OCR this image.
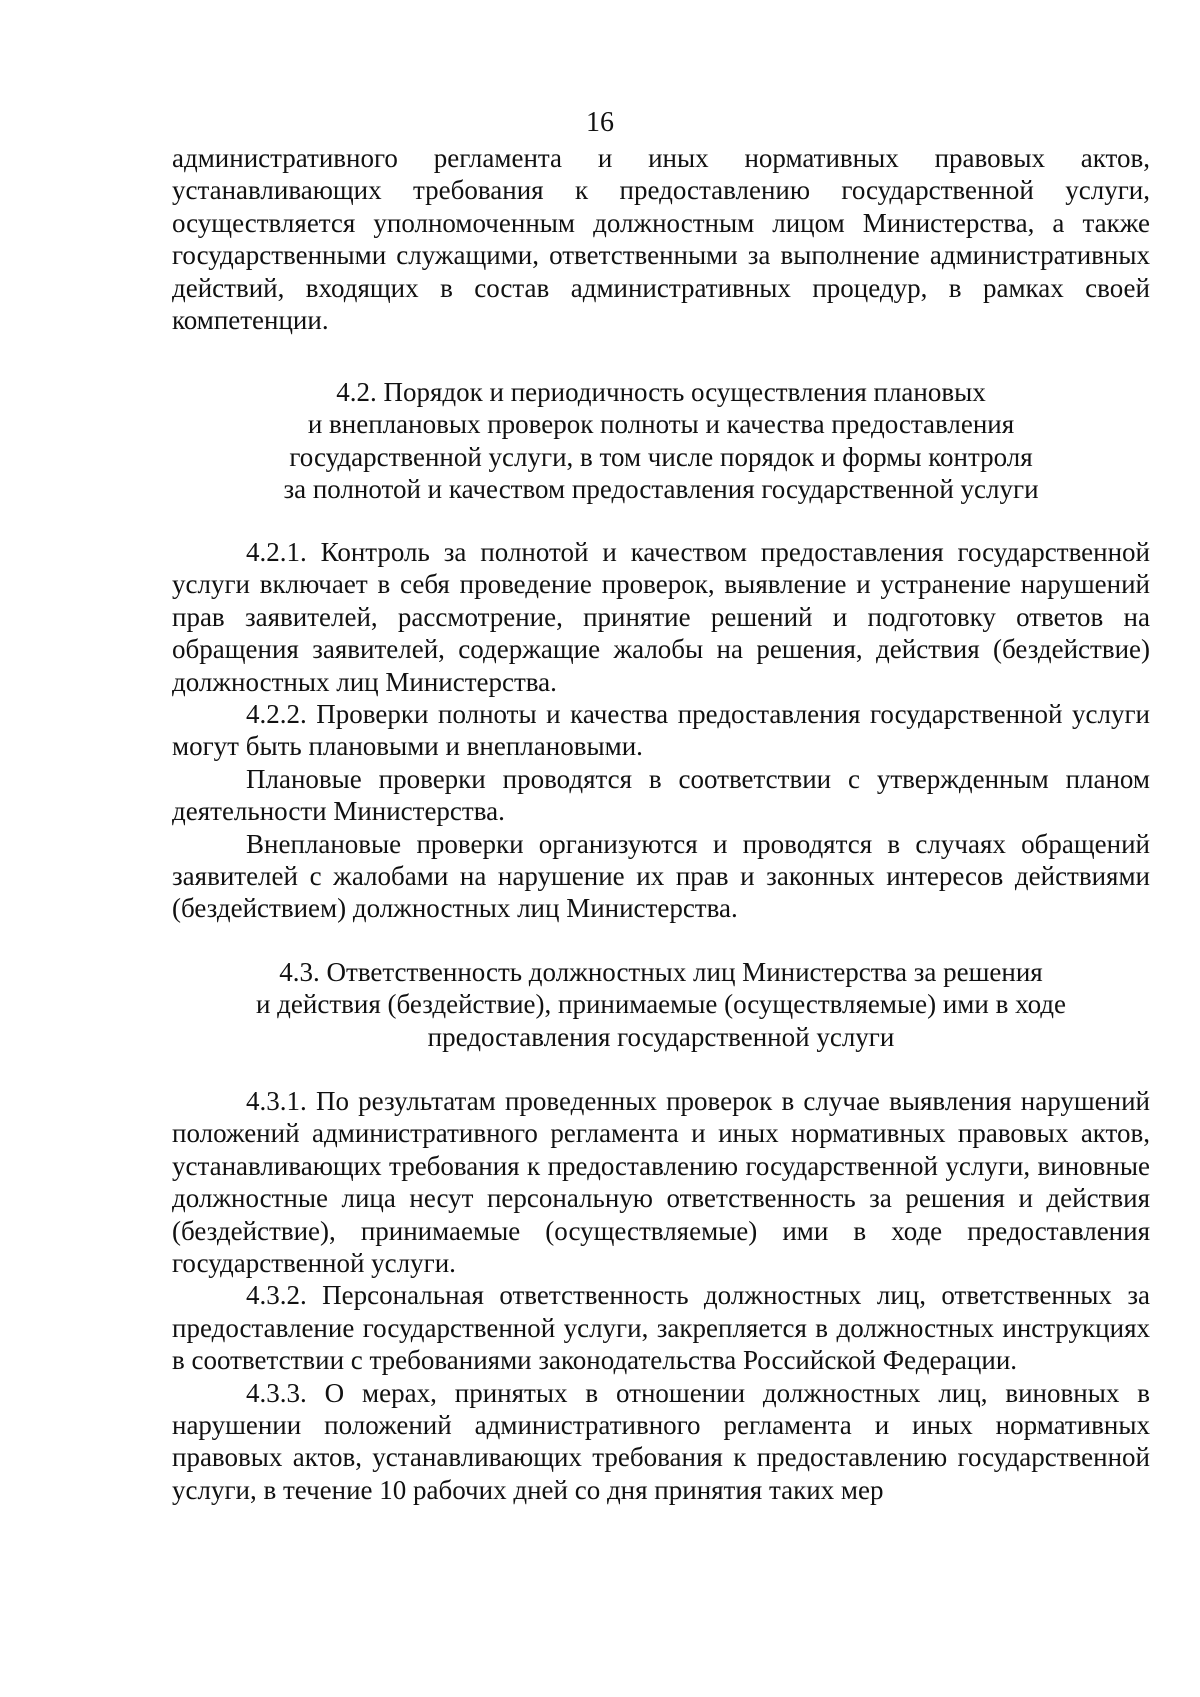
16

административного регламента и иных нормативных правовых актов, устанавливающих требования к предоставлению государственной услуги, осуществляется уполномоченным должностным лицом Министерства, а также государственными служащими, ответственными за выполнение административных действий, входящих в состав административных процедур, в рамках своей компетенции.

4.2. Порядок и периодичность осуществления плановых
и внеплановых проверок полноты и качества предоставления
государственной услуги, в том числе порядок и формы контроля
за полнотой и качеством предоставления государственной услуги

4.2.1. Контроль за полнотой и качеством предоставления государственной услуги включает в себя проведение проверок, выявление и устранение нарушений прав заявителей, рассмотрение, принятие решений и подготовку ответов на обращения заявителей, содержащие жалобы на решения, действия (бездействие) должностных лиц Министерства.

4.2.2. Проверки полноты и качества предоставления государственной услуги могут быть плановыми и внеплановыми.

Плановые проверки проводятся в соответствии с утвержденным планом деятельности Министерства.

Внеплановые проверки организуются и проводятся в случаях обращений заявителей с жалобами на нарушение их прав и законных интересов действиями (бездействием) должностных лиц Министерства.

4.3. Ответственность должностных лиц Министерства за решения
и действия (бездействие), принимаемые (осуществляемые) ими в ходе
предоставления государственной услуги

4.3.1. По результатам проведенных проверок в случае выявления нарушений положений административного регламента и иных нормативных правовых актов, устанавливающих требования к предоставлению государственной услуги, виновные должностные лица несут персональную ответственность за решения и действия (бездействие), принимаемые (осуществляемые) ими в ходе предоставления государственной услуги.

4.3.2. Персональная ответственность должностных лиц, ответственных за предоставление государственной услуги, закрепляется в должностных инструкциях в соответствии с требованиями законодательства Российской Федерации.

4.3.3. О мерах, принятых в отношении должностных лиц, виновных в нарушении положений административного регламента и иных нормативных правовых актов, устанавливающих требования к предоставлению государственной услуги, в течение 10 рабочих дней со дня принятия таких мер
